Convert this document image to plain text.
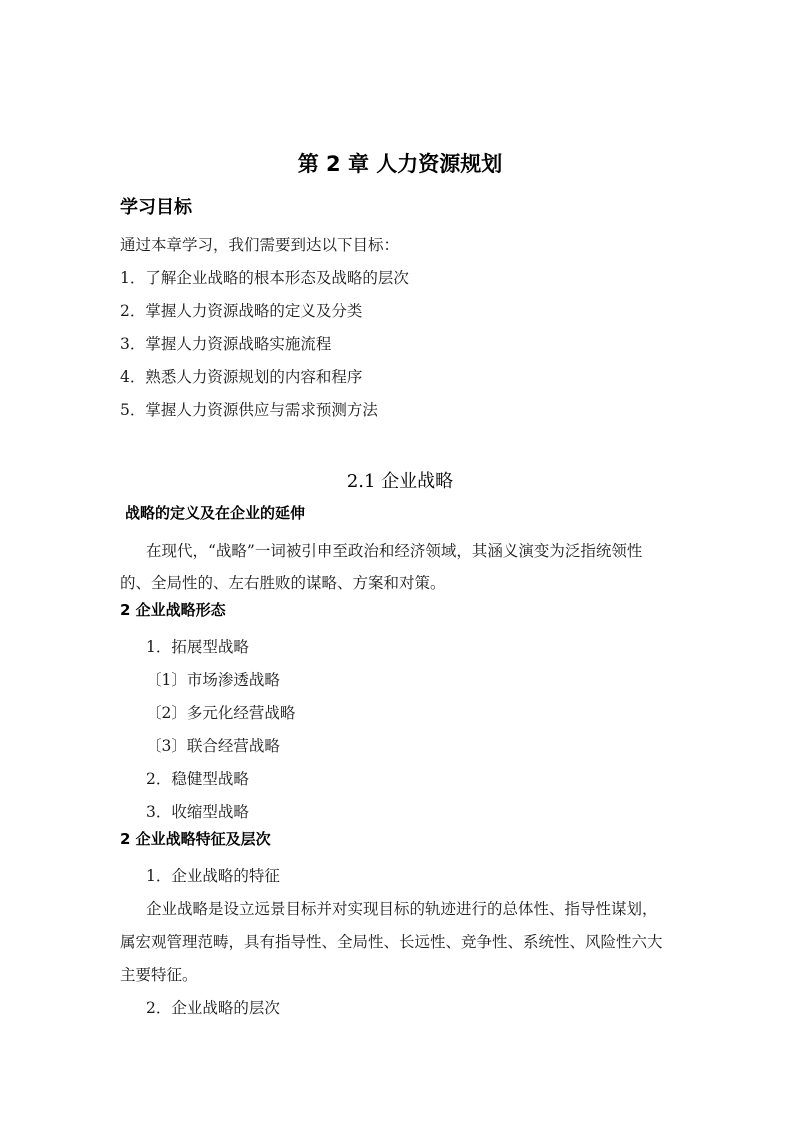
第 2 章 人力资源规划
学习目标
通过本章学习，我们需要到达以下目标：
1．了解企业战略的根本形态及战略的层次
2．掌握人力资源战略的定义及分类
3．掌握人力资源战略实施流程
4．熟悉人力资源规划的内容和程序
5．掌握人力资源供应与需求预测方法
2.1 企业战略
战略的定义及在企业的延伸
在现代，“战略”一词被引申至政治和经济领域，其涵义演变为泛指统领性
的、全局性的、左右胜败的谋略、方案和对策。
2 企业战略形态
1．拓展型战略
〔1〕市场渗透战略
〔2〕多元化经营战略
〔3〕联合经营战略
2．稳健型战略
3．收缩型战略
2 企业战略特征及层次
1．企业战略的特征
企业战略是设立远景目标并对实现目标的轨迹进行的总体性、指导性谋划，
属宏观管理范畴，具有指导性、全局性、长远性、竞争性、系统性、风险性六大
主要特征。
2．企业战略的层次
